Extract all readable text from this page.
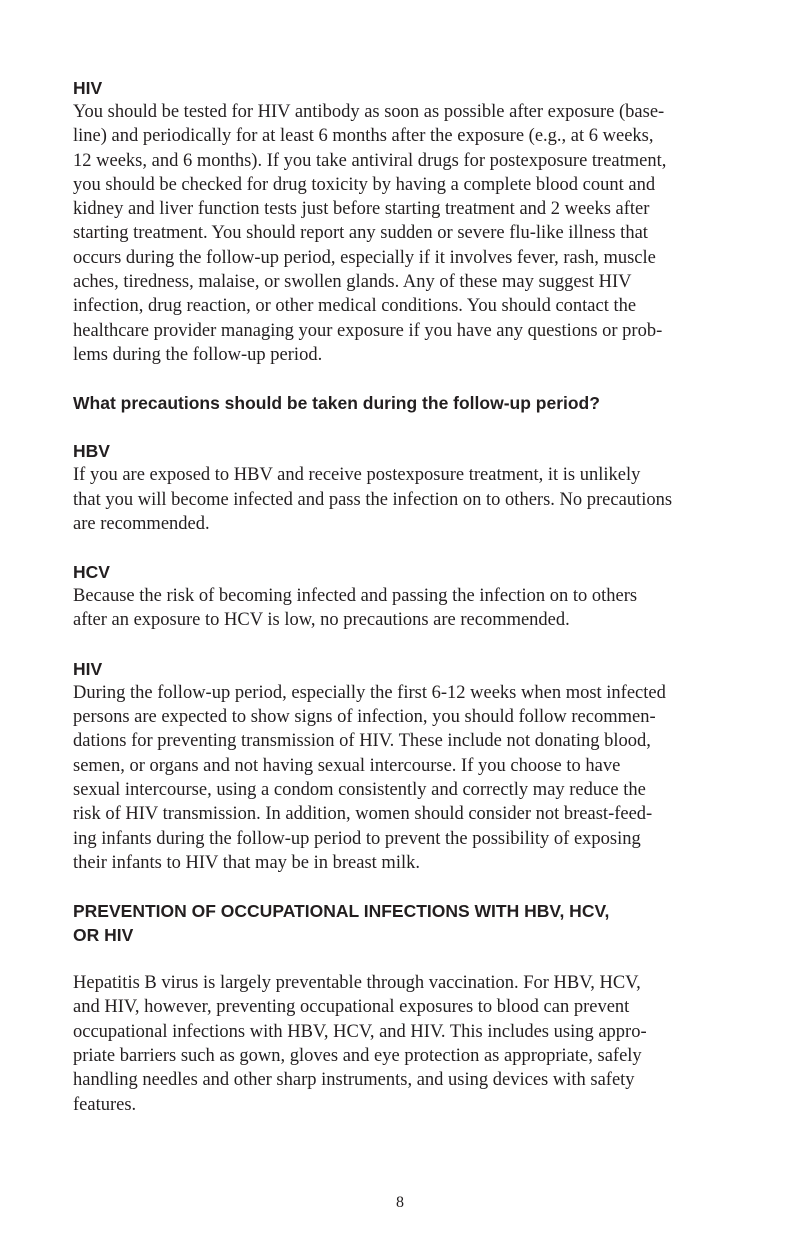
HIV
You should be tested for HIV antibody as soon as possible after exposure (base-
line) and periodically for at least 6 months after the exposure (e.g., at 6 weeks,
12 weeks, and 6 months). If you take antiviral drugs for postexposure treatment,
you should be checked for drug toxicity by having a complete blood count and
kidney and liver function tests just before starting treatment and 2 weeks after
starting treatment. You should report any sudden or severe flu-like illness that
occurs during the follow-up period, especially if it involves fever, rash, muscle
aches, tiredness, malaise, or swollen glands. Any of these may suggest HIV
infection, drug reaction, or other medical conditions. You should contact the
healthcare provider managing your exposure if you have any questions or prob-
lems during the follow-up period.
What precautions should be taken during the follow-up period?
HBV
If you are exposed to HBV and receive postexposure treatment, it is unlikely
that you will become infected and pass the infection on to others. No precautions
are recommended.
HCV
Because the risk of becoming infected and passing the infection on to others
after an exposure to HCV is low, no precautions are recommended.
HIV
During the follow-up period, especially the first 6-12 weeks when most infected
persons are expected to show signs of infection, you should follow recommen-
dations for preventing transmission of HIV. These include not donating blood,
semen, or organs and not having sexual intercourse. If you choose to have
sexual intercourse, using a condom consistently and correctly may reduce the
risk of HIV transmission. In addition, women should consider not breast-feed-
ing infants during the follow-up period to prevent the possibility of exposing
their infants to HIV that may be in breast milk.
PREVENTION OF OCCUPATIONAL INFECTIONS WITH HBV, HCV,
OR HIV
Hepatitis B virus is largely preventable through vaccination. For HBV, HCV,
and HIV, however, preventing occupational exposures to blood can prevent
occupational infections with HBV, HCV, and HIV. This includes using appro-
priate barriers such as gown, gloves and eye protection as appropriate, safely
handling needles and other sharp instruments, and using devices with safety
features.
8
